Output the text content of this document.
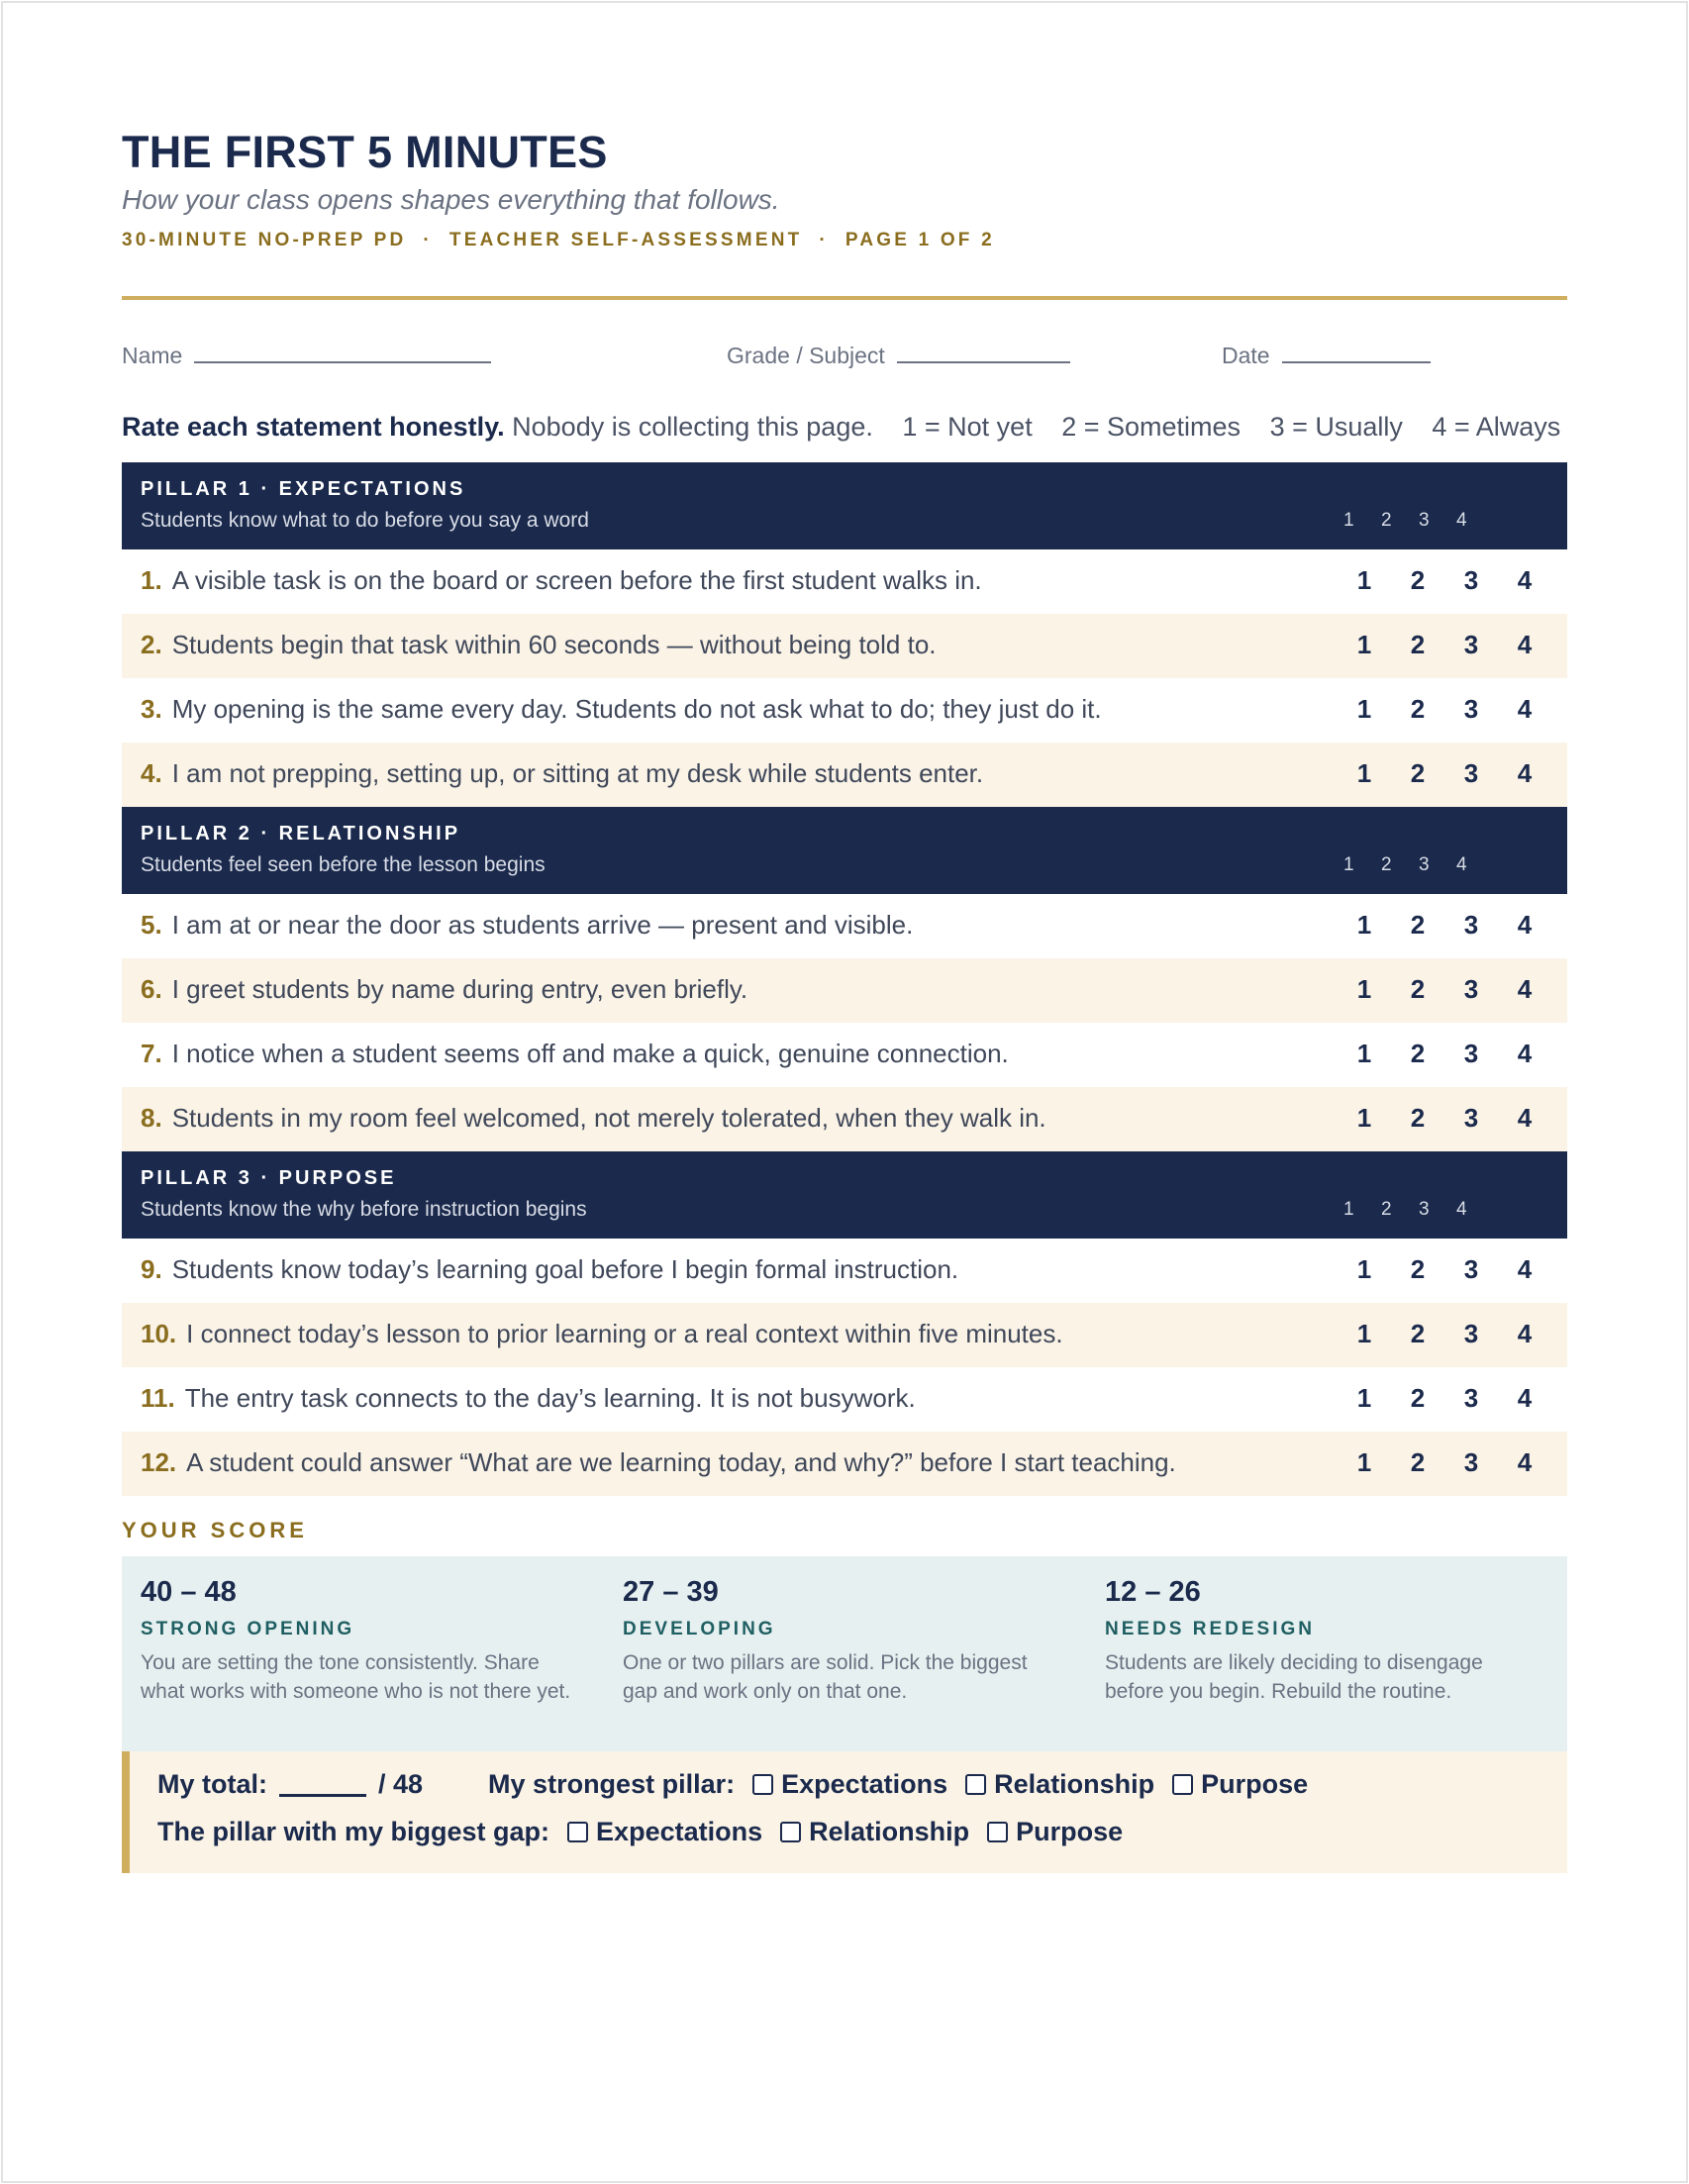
THE FIRST 5 MINUTES
How your class opens shapes everything that follows.
30-MINUTE NO-PREP PD  ·  TEACHER SELF-ASSESSMENT  ·  PAGE 1 OF 2
Name	Grade / Subject	Date
Rate each statement honestly. Nobody is collecting this page. 1 = Not yet 2 = Sometimes 3 = Usually 4 = Always
PILLAR 1 · EXPECTATIONS
Students know what to do before you say a word	1 2 3 4
1. A visible task is on the board or screen before the first student walks in.	1 2 3 4
2. Students begin that task within 60 seconds — without being told to.	1 2 3 4
3. My opening is the same every day. Students do not ask what to do; they just do it.	1 2 3 4
4. I am not prepping, setting up, or sitting at my desk while students enter.	1 2 3 4
PILLAR 2 · RELATIONSHIP
Students feel seen before the lesson begins	1 2 3 4
5. I am at or near the door as students arrive — present and visible.	1 2 3 4
6. I greet students by name during entry, even briefly.	1 2 3 4
7. I notice when a student seems off and make a quick, genuine connection.	1 2 3 4
8. Students in my room feel welcomed, not merely tolerated, when they walk in.	1 2 3 4
PILLAR 3 · PURPOSE
Students know the why before instruction begins	1 2 3 4
9. Students know today’s learning goal before I begin formal instruction.	1 2 3 4
10. I connect today’s lesson to prior learning or a real context within five minutes.	1 2 3 4
11. The entry task connects to the day’s learning. It is not busywork.	1 2 3 4
12. A student could answer “What are we learning today, and why?” before I start teaching.	1 2 3 4
YOUR SCORE
40 – 48
STRONG OPENING
You are setting the tone consistently. Share what works with someone who is not there yet.
27 – 39
DEVELOPING
One or two pillars are solid. Pick the biggest gap and work only on that one.
12 – 26
NEEDS REDESIGN
Students are likely deciding to disengage before you begin. Rebuild the routine.
My total:	/ 48 My strongest pillar: Expectations Relationship Purpose
The pillar with my biggest gap: Expectations Relationship Purpose
